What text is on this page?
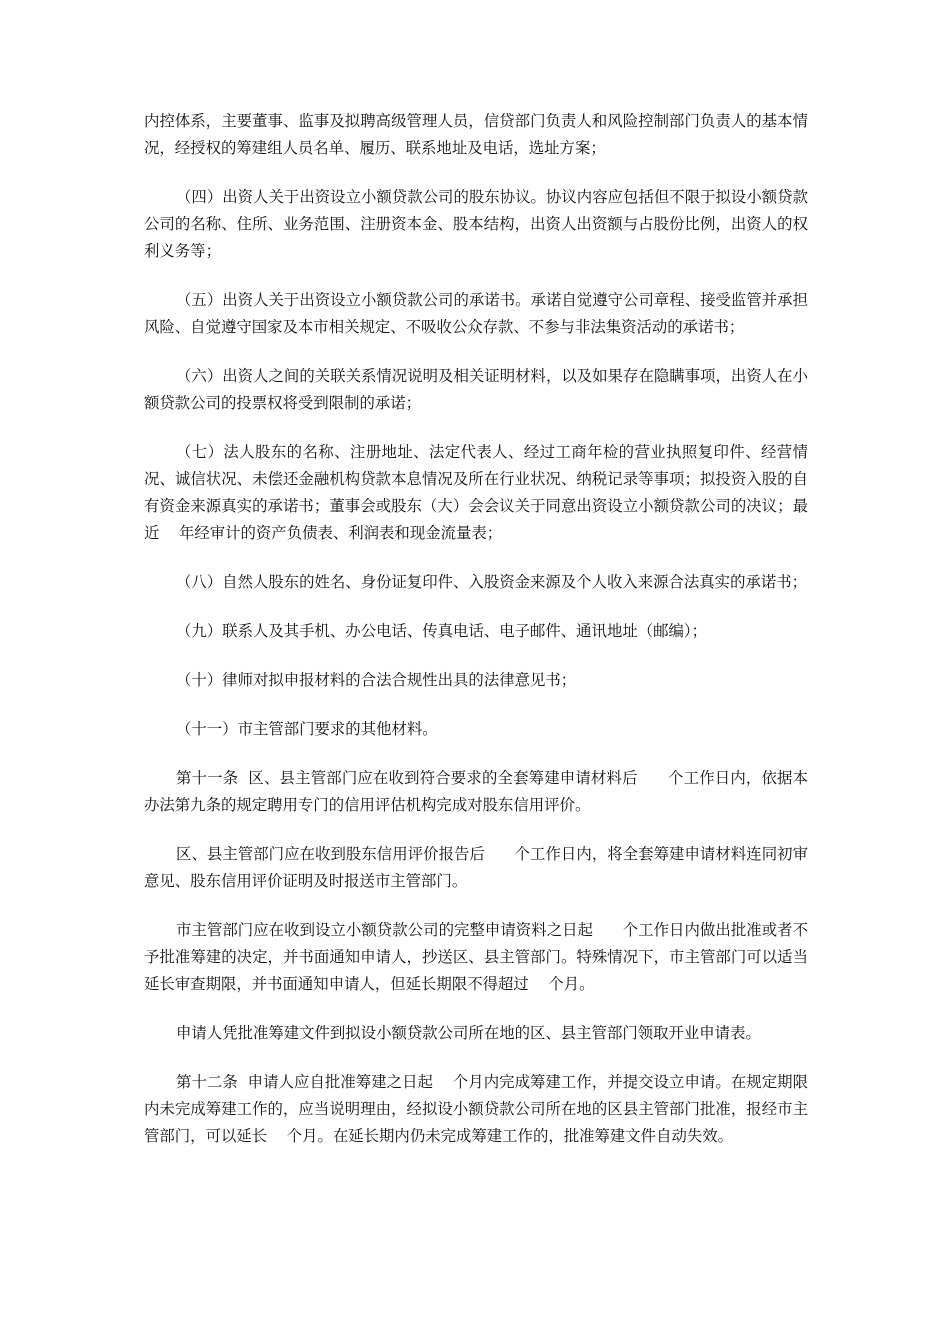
内控体系，主要董事、监事及拟聘高级管理人员，信贷部门负责人和风险控制部门负责人的基本情况，经授权的筹建组人员名单、履历、联系地址及电话，选址方案；

（四）出资人关于出资设立小额贷款公司的股东协议。协议内容应包括但不限于拟设小额贷款公司的名称、住所、业务范围、注册资本金、股本结构，出资人出资额与占股份比例，出资人的权利义务等；

（五）出资人关于出资设立小额贷款公司的承诺书。承诺自觉遵守公司章程、接受监管并承担风险、自觉遵守国家及本市相关规定、不吸收公众存款、不参与非法集资活动的承诺书；

（六）出资人之间的关联关系情况说明及相关证明材料，以及如果存在隐瞒事项，出资人在小额贷款公司的投票权将受到限制的承诺；

（七）法人股东的名称、注册地址、法定代表人、经过工商年检的营业执照复印件、经营情况、诚信状况、未偿还金融机构贷款本息情况及所在行业状况、纳税记录等事项；拟投资入股的自有资金来源真实的承诺书；董事会或股东（大）会会议关于同意出资设立小额贷款公司的决议；最近    年经审计的资产负债表、利润表和现金流量表；

（八）自然人股东的姓名、身份证复印件、入股资金来源及个人收入来源合法真实的承诺书；

（九）联系人及其手机、办公电话、传真电话、电子邮件、通讯地址（邮编）；

（十）律师对拟申报材料的合法合规性出具的法律意见书；

（十一）市主管部门要求的其他材料。

第十一条  区、县主管部门应在收到符合要求的全套筹建申请材料后      个工作日内，依据本办法第九条的规定聘用专门的信用评估机构完成对股东信用评价。

区、县主管部门应在收到股东信用评价报告后      个工作日内，将全套筹建申请材料连同初审意见、股东信用评价证明及时报送市主管部门。

市主管部门应在收到设立小额贷款公司的完整申请资料之日起      个工作日内做出批准或者不予批准筹建的决定，并书面通知申请人，抄送区、县主管部门。特殊情况下，市主管部门可以适当延长审查期限，并书面通知申请人，但延长期限不得超过    个月。

申请人凭批准筹建文件到拟设小额贷款公司所在地的区、县主管部门领取开业申请表。

第十二条  申请人应自批准筹建之日起    个月内完成筹建工作，并提交设立申请。在规定期限内未完成筹建工作的，应当说明理由，经拟设小额贷款公司所在地的区县主管部门批准，报经市主管部门，可以延长    个月。在延长期内仍未完成筹建工作的，批准筹建文件自动失效。
